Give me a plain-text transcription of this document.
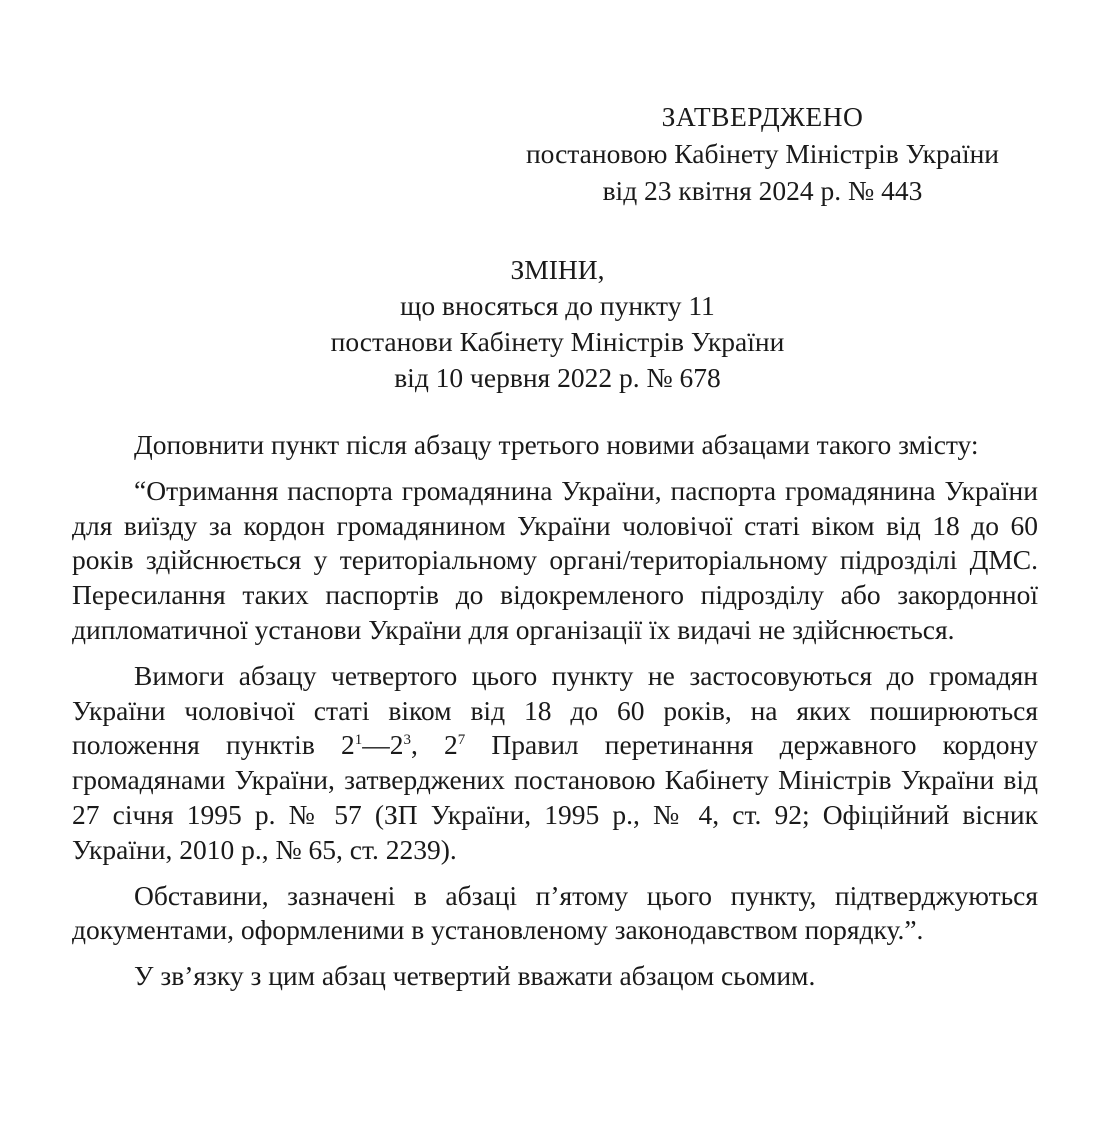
ЗАТВЕРДЖЕНО
постановою Кабінету Міністрів України
від 23 квітня 2024 р. № 443
ЗМІНИ,
що вносяться до пункту 11
постанови Кабінету Міністрів України
від 10 червня 2022 р. № 678

Доповнити пункт після абзацу третього новими абзацами такого змісту:

“Отримання паспорта громадянина України, паспорта громадянина України для виїзду за кордон громадянином України чоловічої статі віком від 18 до 60 років здійснюється у територіальному органі/територіальному підрозділі ДМС. Пересилання таких паспортів до відокремленого підрозділу або закордонної дипломатичної установи України для організації їх видачі не здійснюється.

Вимоги абзацу четвертого цього пункту не застосовуються до громадян України чоловічої статі віком від 18 до 60 років, на яких поширюються положення пунктів $2^1—2^3$, $2^7$ Правил перетинання державного кордону громадянами України, затверджених постановою Кабінету Міністрів України від 27 січня 1995 р. № 57 (ЗП України, 1995 р., № 4, ст. 92; Офіційний вісник України, 2010 р., № 65, ст. 2239).

Обставини, зазначені в абзаці п’ятому цього пункту, підтверджуються документами, оформленими в установленому законодавством порядку.”.

У зв’язку з цим абзац четвертий вважати абзацом сьомим.
